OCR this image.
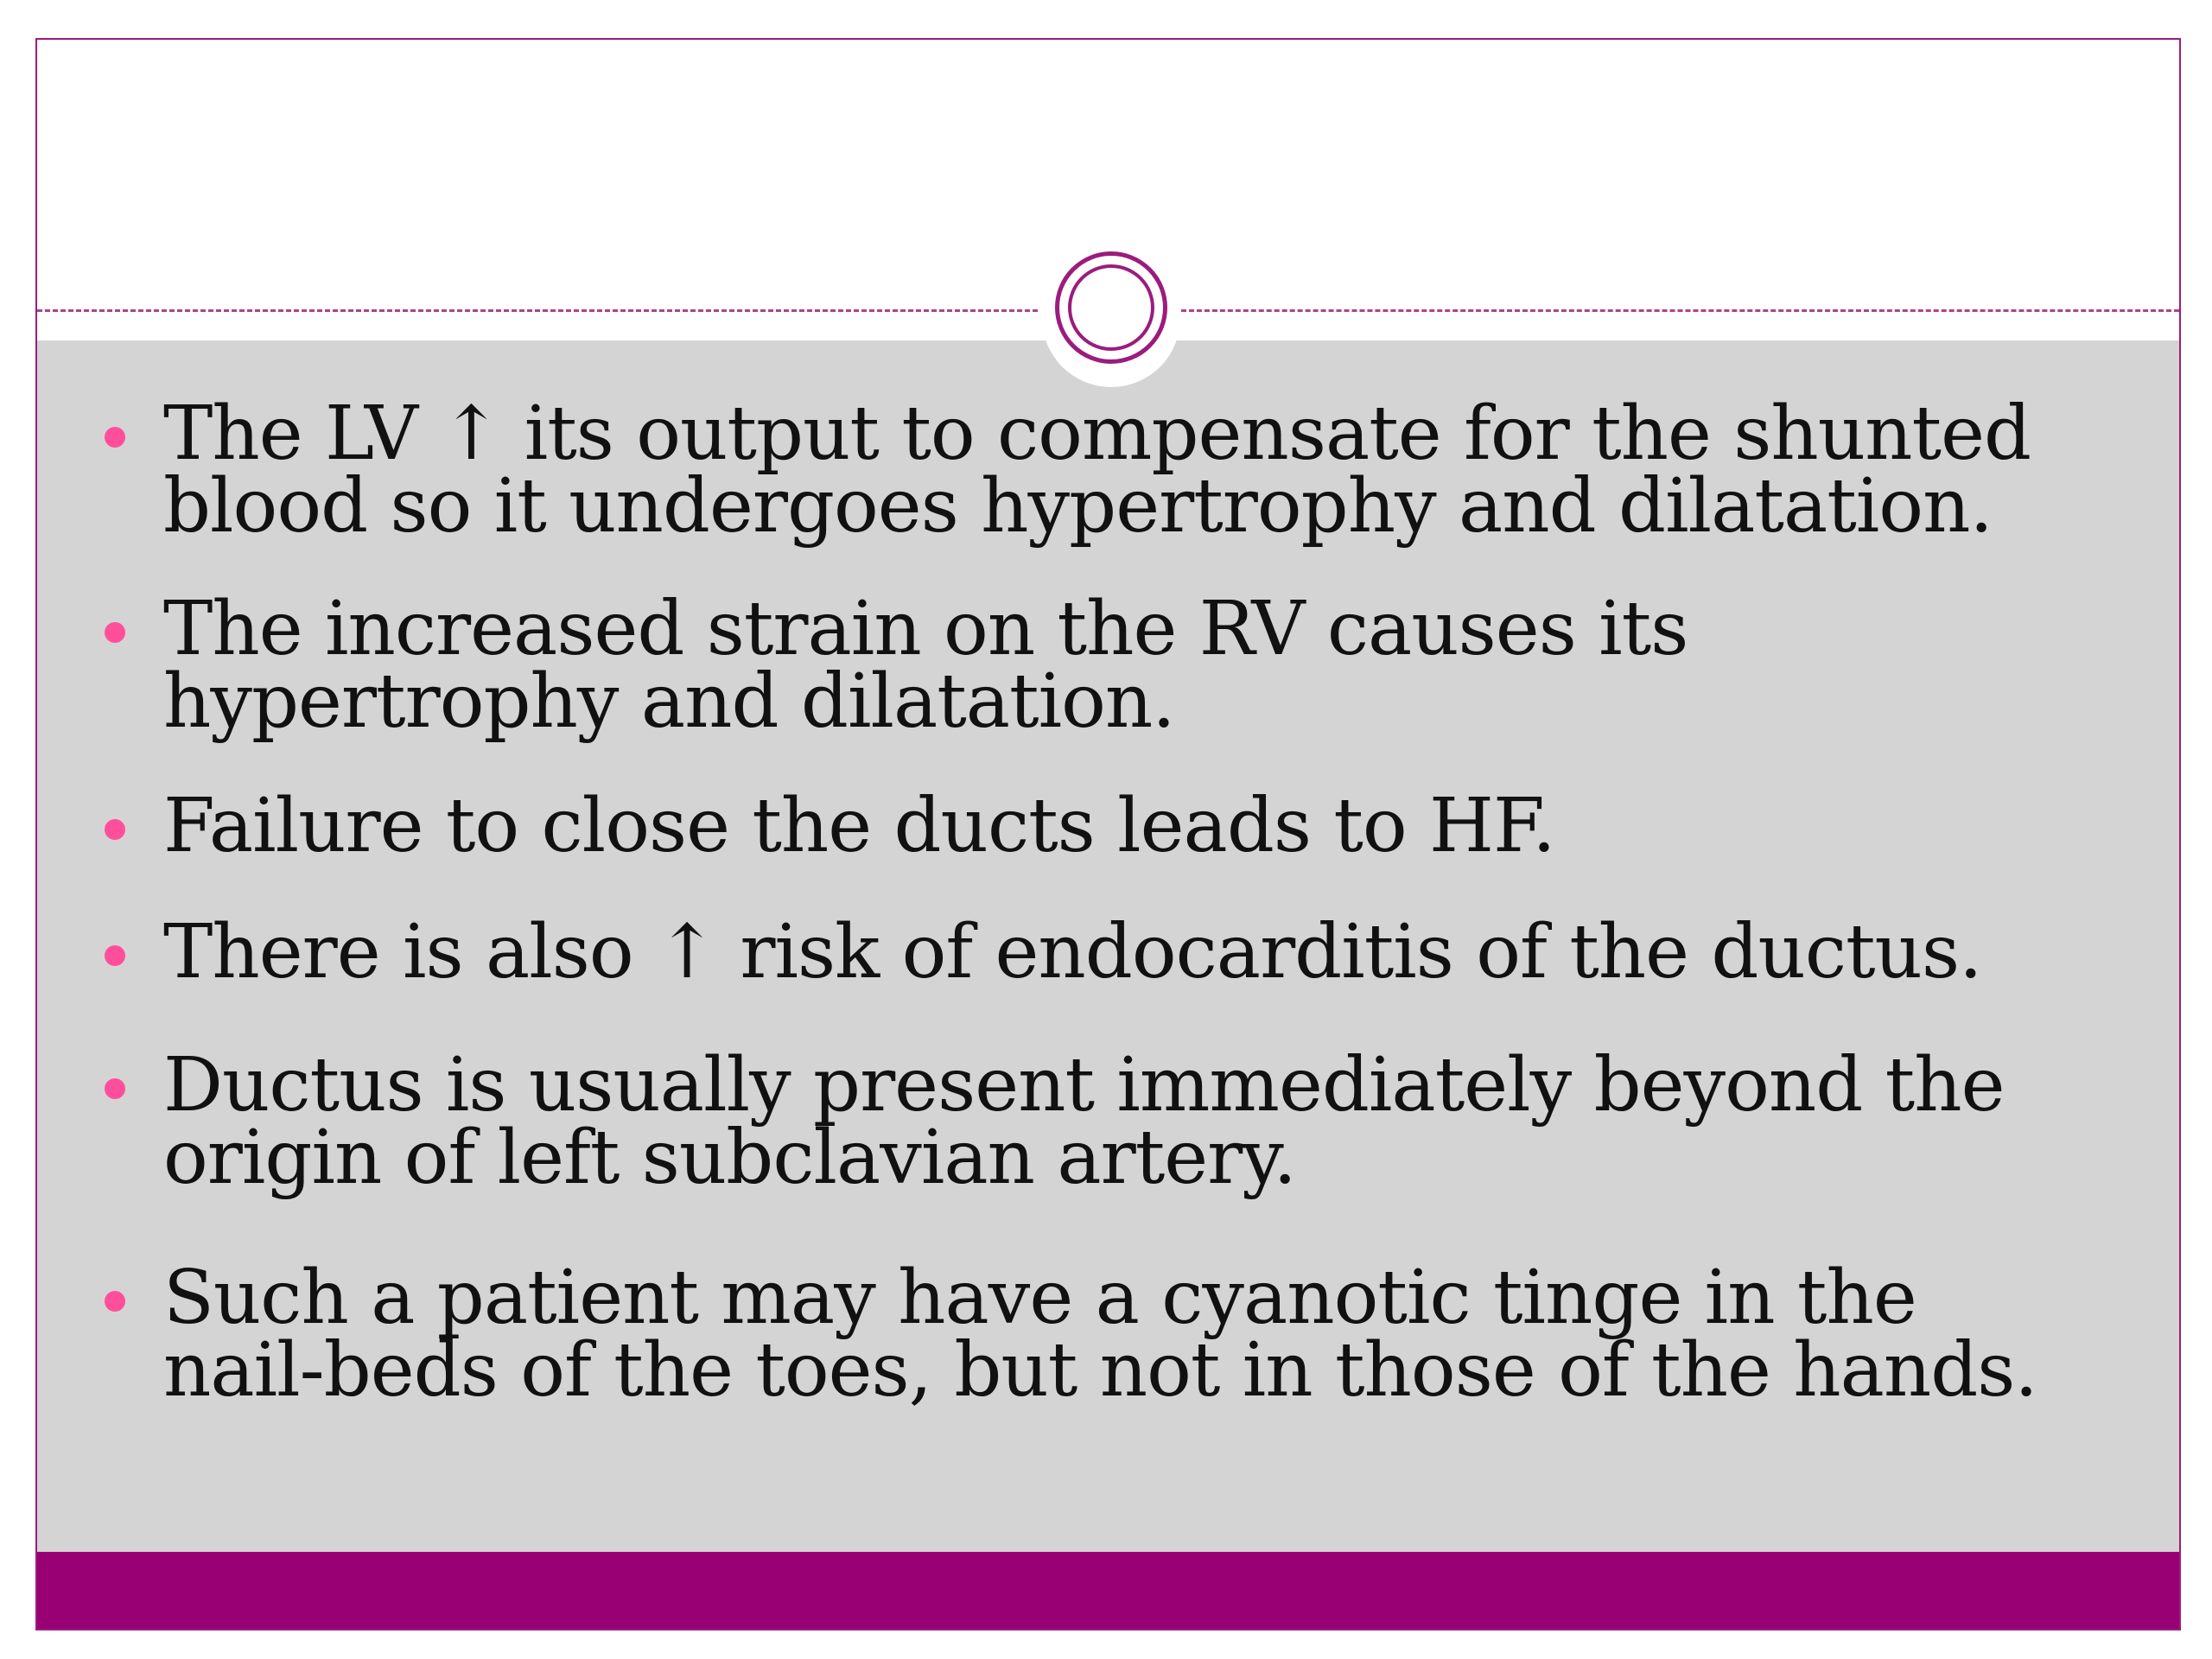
The LV ↑ its output to compensate for the shunted
blood so it undergoes hypertrophy and dilatation.
The increased strain on the RV causes its
hypertrophy and dilatation.
Failure to close the ducts leads to HF.
There is also ↑ risk of endocarditis of the ductus.
Ductus is usually present immediately beyond the
origin of left subclavian artery.
Such a patient may have a cyanotic tinge in the
nail-beds of the toes, but not in those of the hands.
